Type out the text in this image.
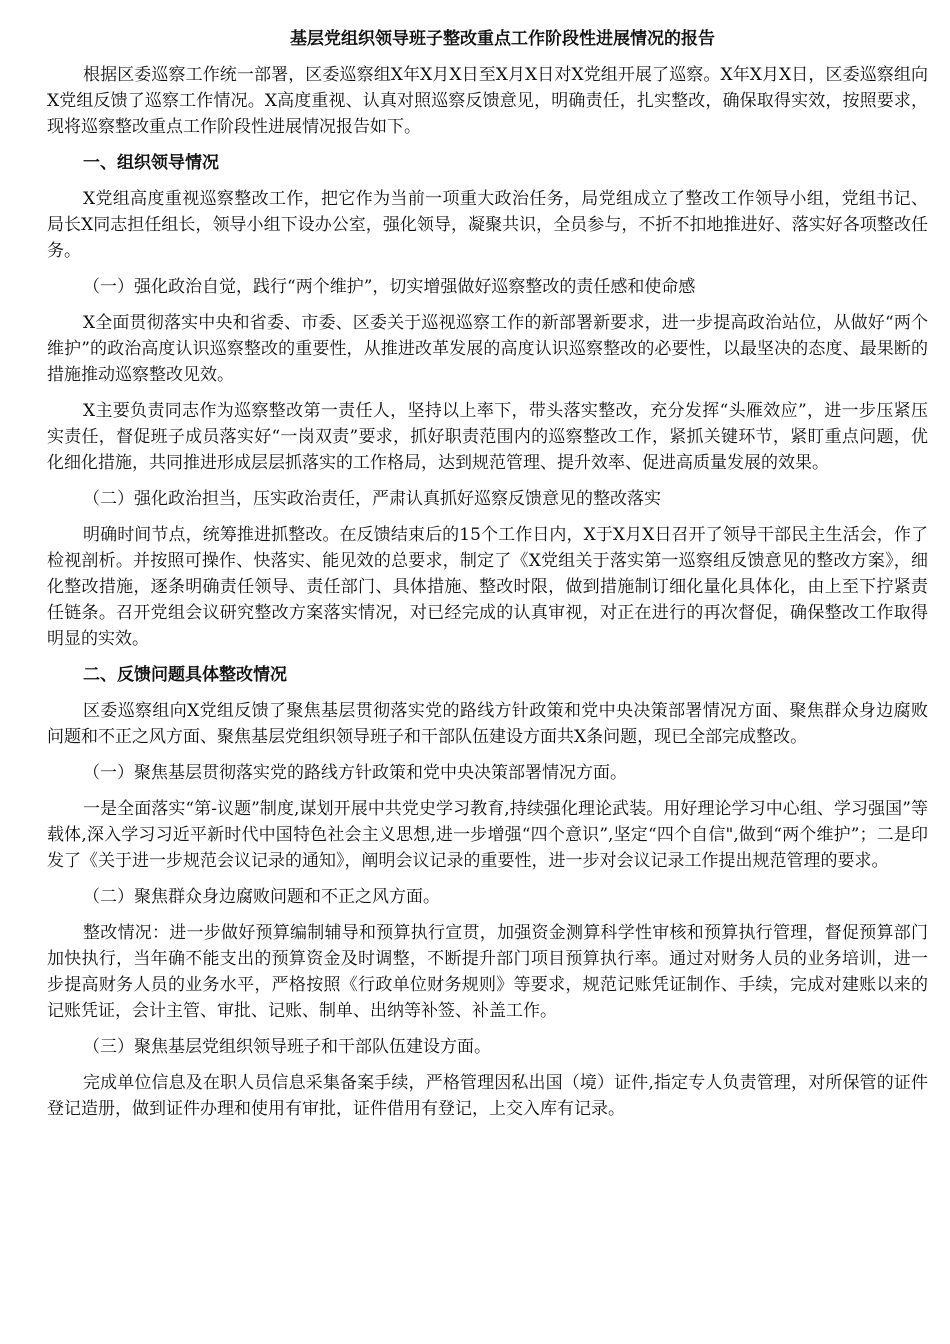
基层党组织领导班子整改重点工作阶段性进展情况的报告

根据区委巡察工作统一部署，区委巡察组X年X月X日至X月X日对X党组开展了巡察。X年X月X日，区委巡察组向X党组反馈了巡察工作情况。X高度重视、认真对照巡察反馈意见，明确责任，扎实整改，确保取得实效，按照要求，现将巡察整改重点工作阶段性进展情况报告如下。

一、组织领导情况

X党组高度重视巡察整改工作，把它作为当前一项重大政治任务，局党组成立了整改工作领导小组，党组书记、局长X同志担任组长，领导小组下设办公室，强化领导，凝聚共识，全员参与，不折不扣地推进好、落实好各项整改任务。

（一）强化政治自觉，践行“两个维护”，切实增强做好巡察整改的责任感和使命感

X全面贯彻落实中央和省委、市委、区委关于巡视巡察工作的新部署新要求，进一步提高政治站位，从做好“两个维护”的政治高度认识巡察整改的重要性，从推进改革发展的高度认识巡察整改的必要性，以最坚决的态度、最果断的措施推动巡察整改见效。

X主要负责同志作为巡察整改第一责任人，坚持以上率下，带头落实整改，充分发挥“头雁效应”，进一步压紧压实责任，督促班子成员落实好“一岗双责”要求，抓好职责范围内的巡察整改工作，紧抓关键环节，紧盯重点问题，优化细化措施，共同推进形成层层抓落实的工作格局，达到规范管理、提升效率、促进高质量发展的效果。

（二）强化政治担当，压实政治责任，严肃认真抓好巡察反馈意见的整改落实

明确时间节点，统筹推进抓整改。在反馈结束后的15个工作日内，X于X月X日召开了领导干部民主生活会，作了检视剖析。并按照可操作、快落实、能见效的总要求，制定了《X党组关于落实第一巡察组反馈意见的整改方案》，细化整改措施，逐条明确责任领导、责任部门、具体措施、整改时限，做到措施制订细化量化具体化，由上至下拧紧责任链条。召开党组会议研究整改方案落实情况，对已经完成的认真审视，对正在进行的再次督促，确保整改工作取得明显的实效。

二、反馈问题具体整改情况

区委巡察组向X党组反馈了聚焦基层贯彻落实党的路线方针政策和党中央决策部署情况方面、聚焦群众身边腐败问题和不正之风方面、聚焦基层党组织领导班子和干部队伍建设方面共X条问题，现已全部完成整改。

（一）聚焦基层贯彻落实党的路线方针政策和党中央决策部署情况方面。

一是全面落实“第-议题”制度,谋划开展中共党史学习教育,持续强化理论武装。用好理论学习中心组、学习强国”等载体,深入学习习近平新时代中国特色社会主义思想,进一步增强“四个意识”,坚定“四个自信",做到“两个维护”；二是印发了《关于进一步规范会议记录的通知》，阐明会议记录的重要性，进一步对会议记录工作提出规范管理的要求。

（二）聚焦群众身边腐败问题和不正之风方面。

整改情况：进一步做好预算编制辅导和预算执行宣贯，加强资金测算科学性审核和预算执行管理，督促预算部门加快执行，当年确不能支出的预算资金及时调整，不断提升部门项目预算执行率。通过对财务人员的业务培训，进一步提高财务人员的业务水平，严格按照《行政单位财务规则》等要求，规范记账凭证制作、手续，完成对建账以来的记账凭证，会计主管、审批、记账、制单、出纳等补签、补盖工作。

（三）聚焦基层党组织领导班子和干部队伍建设方面。

完成单位信息及在职人员信息采集备案手续，严格管理因私出国（境）证件,指定专人负责管理，对所保管的证件登记造册，做到证件办理和使用有审批，证件借用有登记，上交入库有记录。
